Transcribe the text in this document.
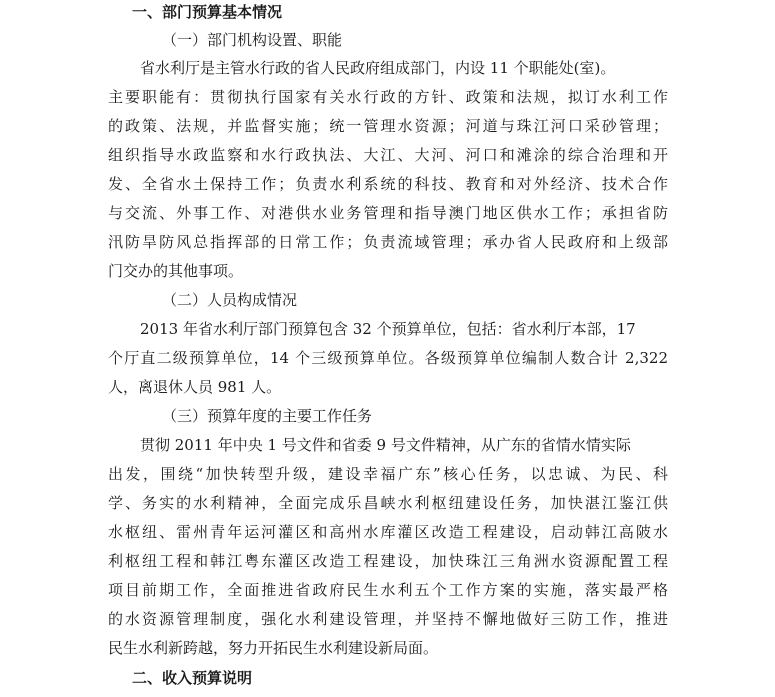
一、部门预算基本情况
（一）部门机构设置、职能
省水利厅是主管水行政的省人民政府组成部门，内设 11 个职能处(室)。
主要职能有：贯彻执行国家有关水行政的方针、政策和法规，拟订水利工作
的政策、法规，并监督实施；统一管理水资源；河道与珠江河口采砂管理；
组织指导水政监察和水行政执法、大江、大河、河口和滩涂的综合治理和开
发、全省水土保持工作；负责水利系统的科技、教育和对外经济、技术合作
与交流、外事工作、对港供水业务管理和指导澳门地区供水工作；承担省防
汛防旱防风总指挥部的日常工作；负责流域管理；承办省人民政府和上级部
门交办的其他事项。
（二）人员构成情况
2013 年省水利厅部门预算包含 32 个预算单位，包括：省水利厅本部，17
个厅直二级预算单位，14 个三级预算单位。各级预算单位编制人数合计 2,322
人，离退休人员 981 人。
（三）预算年度的主要工作任务
贯彻 2011 年中央 1 号文件和省委 9 号文件精神，从广东的省情水情实际
出发，围绕“加快转型升级，建设幸福广东”核心任务，以忠诚、为民、科
学、务实的水利精神，全面完成乐昌峡水利枢纽建设任务，加快湛江鉴江供
水枢纽、雷州青年运河灌区和高州水库灌区改造工程建设，启动韩江高陂水
利枢纽工程和韩江粤东灌区改造工程建设，加快珠江三角洲水资源配置工程
项目前期工作，全面推进省政府民生水利五个工作方案的实施，落实最严格
的水资源管理制度，强化水利建设管理，并坚持不懈地做好三防工作，推进
民生水利新跨越，努力开拓民生水利建设新局面。
二、收入预算说明
